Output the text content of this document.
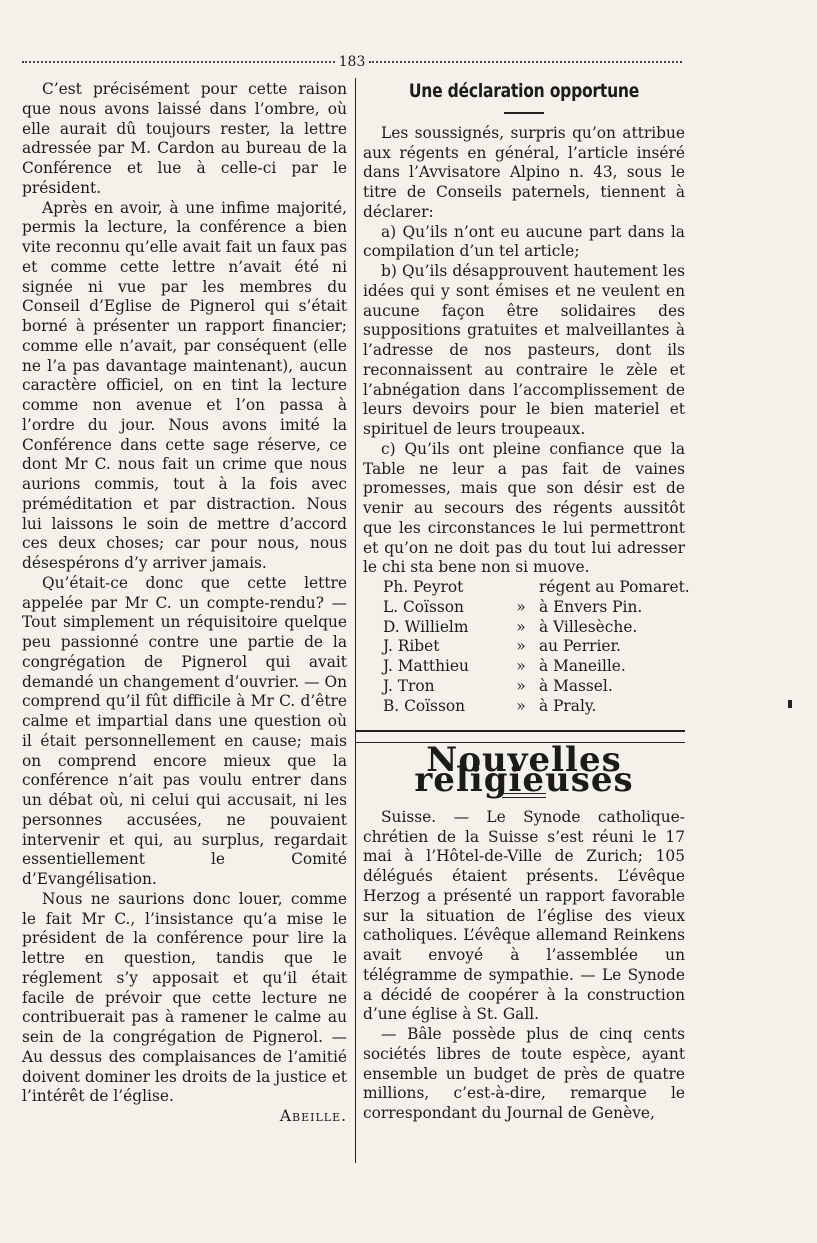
183

C’est précisément pour cette raison que nous avons laissé dans l’ombre, où elle aurait dû toujours rester, la lettre adressée par M. Cardon au bureau de la Conférence et lue à celle-ci par le président.

Après en avoir, à une infime majorité, permis la lecture, la conférence a bien vite reconnu qu’elle avait fait un faux pas et comme cette lettre n’avait été ni signée ni vue par les membres du Conseil d’Eglise de Pignerol qui s’était borné à présenter un rapport financier; comme elle n’avait, par conséquent (elle ne l’a pas davantage maintenant), aucun caractère officiel, on en tint la lecture comme non avenue et l’on passa à l’ordre du jour. Nous avons imité la Conférence dans cette sage réserve, ce dont Mr C. nous fait un crime que nous aurions commis, tout à la fois avec préméditation et par distraction. Nous lui laissons le soin de mettre d’accord ces deux choses; car pour nous, nous désespérons d’y arriver jamais.

Qu’était-ce donc que cette lettre appelée par Mr C. un compte-rendu? — Tout simplement un réquisitoire quelque peu passionné contre une partie de la congrégation de Pignerol qui avait demandé un changement d’ouvrier. — On comprend qu’il fût difficile à Mr C. d’être calme et impartial dans une question où il était personnellement en cause; mais on comprend encore mieux que la conférence n’ait pas voulu entrer dans un débat où, ni celui qui accusait, ni les personnes accusées, ne pouvaient intervenir et qui, au surplus, regardait essentiellement le Comité d’Evangélisation.

Nous ne saurions donc louer, comme le fait Mr C., l’insistance qu’a mise le président de la conférence pour lire la lettre en question, tandis que le réglement s’y apposait et qu’il était facile de prévoir que cette lecture ne contribuerait pas à ramener le calme au sein de la congrégation de Pignerol. — Au dessus des complaisances de l’amitié doivent dominer les droits de la justice et l’intérêt de l’église.

Abeille.

Une déclaration opportune

Les soussignés, surpris qu’on attribue aux régents en général, l’article inséré dans l’Avvisatore Alpino n. 43, sous le titre de Conseils paternels, tiennent à déclarer:

a) Qu’ils n’ont eu aucune part dans la compilation d’un tel article;

b) Qu’ils désapprouvent hautement les idées qui y sont émises et ne veulent en aucune façon être solidaires des suppositions gratuites et malveillantes à l’adresse de nos pasteurs, dont ils reconnaissent au contraire le zèle et l’abnégation dans l’accomplissement de leurs devoirs pour le bien materiel et spirituel de leurs troupeaux.

c) Qu’ils ont pleine confiance que la Table ne leur a pas fait de vaines promesses, mais que son désir est de venir au secours des régents aussitôt que les circonstances le lui permettront et qu’on ne doit pas du tout lui adresser le chi sta bene non si muove.

Ph. Peyrot	régent au Pomaret.
L. Coïsson	» à Envers Pin.
D. Willielm	» à Villesèche.
J. Ribet	» au Perrier.
J. Matthieu	» à Maneille.
J. Tron	» à Massel.
B. Coïsson	» à Praly.
Nouvelles religieuses

Suisse. — Le Synode catholique-chrétien de la Suisse s’est réuni le 17 mai à l’Hôtel-de-Ville de Zurich; 105 délégués étaient présents. L’évêque Herzog a présenté un rapport favorable sur la situation de l’église des vieux catholiques. L’évêque allemand Reinkens avait envoyé à l’assemblée un télégramme de sympathie. — Le Synode a décidé de coopérer à la construction d’une église à St. Gall.

— Bâle possède plus de cinq cents sociétés libres de toute espèce, ayant ensemble un budget de près de quatre millions, c’est-à-dire, remarque le correspondant du Journal de Genève,
